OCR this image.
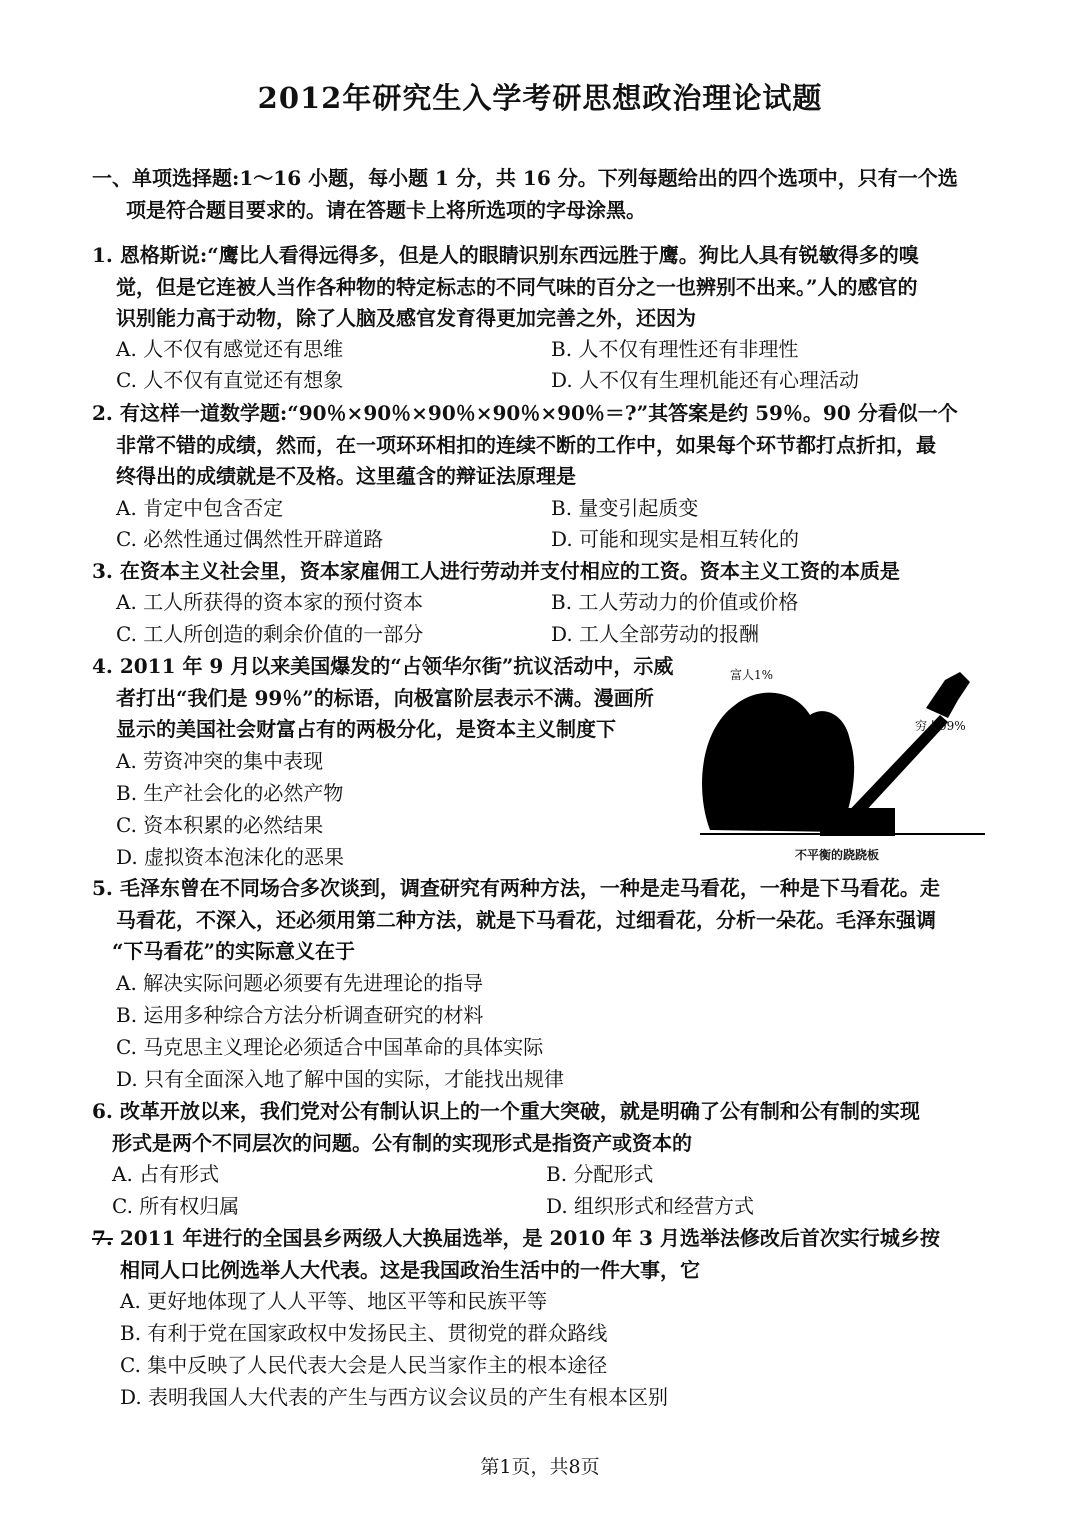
2012年研究生入学考研思想政治理论试题
一、单项选择题:1～16 小题，每小题 1 分，共 16 分。下列每题给出的四个选项中，只有一个选
项是符合题目要求的。请在答题卡上将所选项的字母涂黑。
1. 恩格斯说:“鹰比人看得远得多，但是人的眼睛识别东西远胜于鹰。狗比人具有锐敏得多的嗅
觉，但是它连被人当作各种物的特定标志的不同气味的百分之一也辨别不出来。”人的感官的
识别能力高于动物，除了人脑及感官发育得更加完善之外，还因为
A. 人不仅有感觉还有思维	B. 人不仅有理性还有非理性
C. 人不仅有直觉还有想象	D. 人不仅有生理机能还有心理活动
2. 有这样一道数学题:“90％×90％×90％×90％×90％＝?”其答案是约 59％。90 分看似一个
非常不错的成绩，然而，在一项环环相扣的连续不断的工作中，如果每个环节都打点折扣，最
终得出的成绩就是不及格。这里蕴含的辩证法原理是
A. 肯定中包含否定	B. 量变引起质变
C. 必然性通过偶然性开辟道路	D. 可能和现实是相互转化的
3. 在资本主义社会里，资本家雇佣工人进行劳动并支付相应的工资。资本主义工资的本质是
A. 工人所获得的资本家的预付资本	B. 工人劳动力的价值或价格
C. 工人所创造的剩余价值的一部分	D. 工人全部劳动的报酬
4. 2011 年 9 月以来美国爆发的“占领华尔街”抗议活动中，示威
者打出“我们是 99％”的标语，向极富阶层表示不满。漫画所
显示的美国社会财富占有的两极分化，是资本主义制度下
A. 劳资冲突的集中表现
B. 生产社会化的必然产物
C. 资本积累的必然结果
D. 虚拟资本泡沫化的恶果
富人1%
穷人99%
不平衡的跷跷板
5. 毛泽东曾在不同场合多次谈到，调查研究有两种方法，一种是走马看花，一种是下马看花。走
马看花，不深入，还必须用第二种方法，就是下马看花，过细看花，分析一朵花。毛泽东强调
“下马看花”的实际意义在于
A. 解决实际问题必须要有先进理论的指导
B. 运用多种综合方法分析调查研究的材料
C. 马克思主义理论必须适合中国革命的具体实际
D. 只有全面深入地了解中国的实际，才能找出规律
6. 改革开放以来，我们党对公有制认识上的一个重大突破，就是明确了公有制和公有制的实现
形式是两个不同层次的问题。公有制的实现形式是指资产或资本的
A. 占有形式	B. 分配形式
C. 所有权归属	D. 组织形式和经营方式
7. 2011 年进行的全国县乡两级人大换届选举，是 2010 年 3 月选举法修改后首次实行城乡按
相同人口比例选举人大代表。这是我国政治生活中的一件大事，它
A. 更好地体现了人人平等、地区平等和民族平等
B. 有利于党在国家政权中发扬民主、贯彻党的群众路线
C. 集中反映了人民代表大会是人民当家作主的根本途径
D. 表明我国人大代表的产生与西方议会议员的产生有根本区别
第1页，共8页
